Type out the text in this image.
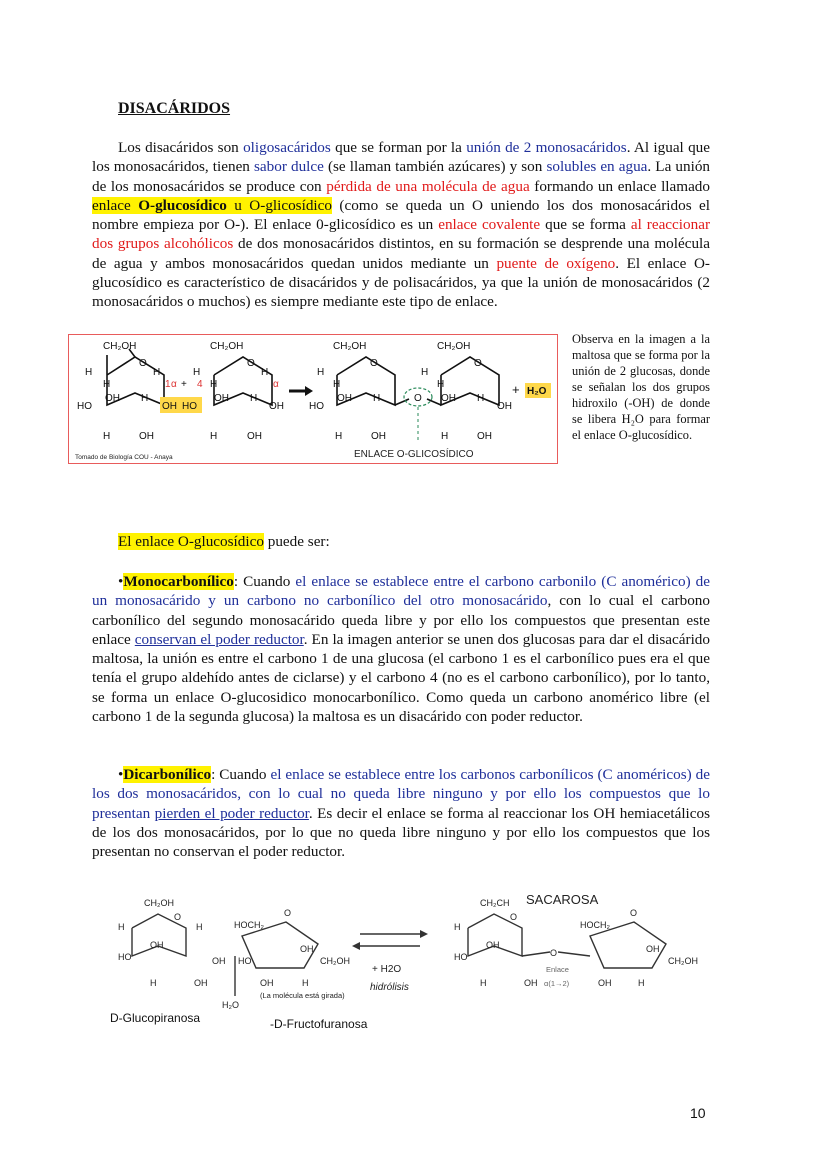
DISACÁRIDOS
Los disacáridos son oligosacáridos que se forman por la unión de 2 monosacáridos. Al igual que los monosacáridos, tienen sabor dulce (se llaman también azúcares) y son solubles en agua. La unión de los monosacáridos se produce con pérdida de una molécula de agua formando un enlace llamado enlace O-glucosídico u O-glicosídico (como se queda un O uniendo los dos monosacáridos el nombre empieza por O-). El enlace 0-glicosídico es un enlace covalente que se forma al reaccionar dos grupos alcohólicos de dos monosacáridos distintos, en su formación se desprende una molécula de agua y ambos monosacáridos quedan unidos mediante un puente de oxígeno. El enlace O-glucosídico es característico de disacáridos y de polisacáridos, ya que la unión de monosacáridos (2 monosacáridos o muchos) es siempre mediante este tipo de enlace.
CH₂OH	CH₂OH	CH₂OH	CH₂OH
O	O	O	O
H	H	H	H	H	H
H	H	H	H
1 α + 4	α
HO
OH H
OH HO
OH H
OH	HO
OH H	O OH H
OH
+ H₂O
H	OH	H	OH	H	OH	H	OH
ENLACE O-GLICOSÍDICO
Tomado de Biología COU - Anaya
Observa en la imagen a la maltosa que se forma por la unión de 2 glucosas, donde se señalan los dos grupos hidroxilo (-OH) de donde se libera H₂O para formar el enlace O-glucosídico.
El enlace O-glucosídico puede ser:
•Monocarbonílico: Cuando el enlace se establece entre el carbono carbonilo (C anomérico) de un monosacárido y un carbono no carbonílico del otro monosacárido, con lo cual el carbono carbonílico del segundo monosacárido queda libre y por ello los compuestos que presentan este enlace conservan el poder reductor. En la imagen anterior se unen dos glucosas para dar el disacárido maltosa, la unión es entre el carbono 1 de una glucosa (el carbono 1 es el carbonílico pues era el que tenía el grupo aldehído antes de ciclarse) y el carbono 4 (no es el carbono carbonílico), por lo tanto, se forma un enlace O-glucosidico monocarbonílico. Como queda un carbono anomérico libre (el carbono 1 de la segunda glucosa) la maltosa es un disacárido con poder reductor.
•Dicarbonílico: Cuando el enlace se establece entre los carbonos carbonílicos (C anoméricos) de los dos monosacáridos, con lo cual no queda libre ninguno y por ello los compuestos que lo presentan pierden el poder reductor. Es decir el enlace se forma al reaccionar los OH hemiacetálicos de los dos monosacáridos, por lo que no queda libre ninguno y por ello los compuestos que los presentan no conservan el poder reductor.
CH₂OH
O
H	H
HO
OH
OH
H	OH
HOCH₂
O
HO
OH
CH₂OH
OH	H
H₂O
(La molécula está girada)
+ H2O
hidrólisis
CH₂CH SACAROSA
O
H	HOCH₂
O
HO
OH
O	OH
CH₂OH
Enlace
α(1→2)
H	OH	OH	H
D-Glucopiranosa	-D-Fructofuranosa
10
